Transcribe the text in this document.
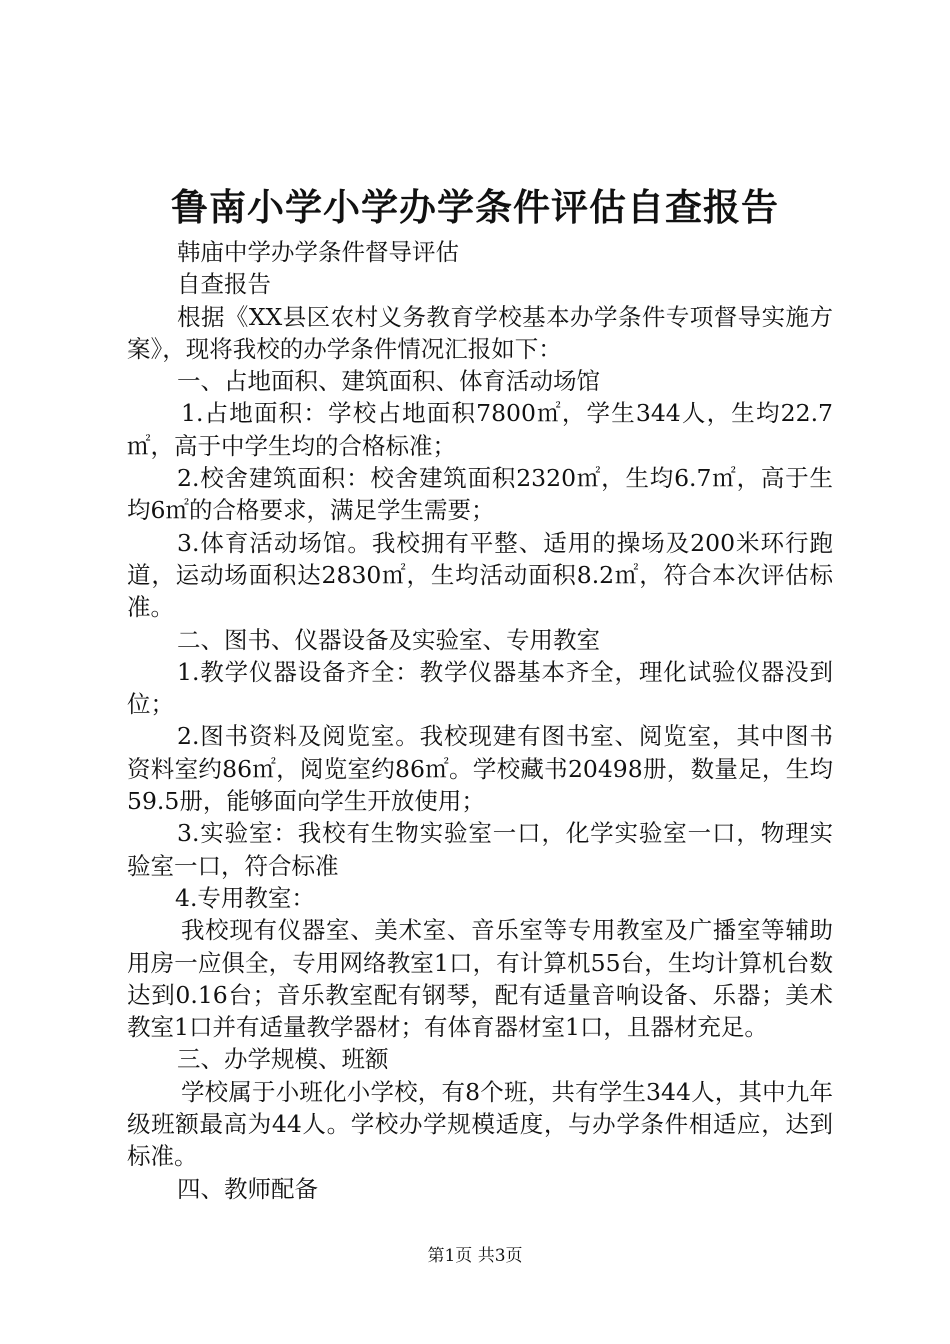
鲁南小学小学办学条件评估自查报告

韩庙中学办学条件督导评估

自查报告

根据《XX县区农村义务教育学校基本办学条件专项督导实施方案》，现将我校的办学条件情况汇报如下：

一、占地面积、建筑面积、体育活动场馆

1.占地面积：学校占地面积7800㎡，学生344人，生均22.7㎡，高于中学生均的合格标准；

2.校舍建筑面积：校舍建筑面积2320㎡，生均6.7㎡，高于生均6㎡的合格要求，满足学生需要；

3.体育活动场馆。我校拥有平整、适用的操场及200米环行跑道，运动场面积达2830㎡，生均活动面积8.2㎡，符合本次评估标准。

二、图书、仪器设备及实验室、专用教室

1.教学仪器设备齐全：教学仪器基本齐全，理化试验仪器没到位；

2.图书资料及阅览室。我校现建有图书室、阅览室，其中图书资料室约86㎡，阅览室约86㎡。学校藏书20498册，数量足，生均59.5册，能够面向学生开放使用；

3.实验室：我校有生物实验室一口，化学实验室一口，物理实验室一口，符合标准

4.专用教室：

我校现有仪器室、美术室、音乐室等专用教室及广播室等辅助用房一应俱全，专用网络教室1口，有计算机55台，生均计算机台数达到0.16台；音乐教室配有钢琴，配有适量音响设备、乐器；美术教室1口并有适量教学器材；有体育器材室1口，且器材充足。

三、办学规模、班额

学校属于小班化小学校，有8个班，共有学生344人，其中九年级班额最高为44人。学校办学规模适度，与办学条件相适应，达到标准。

四、教师配备

第1页 共3页
